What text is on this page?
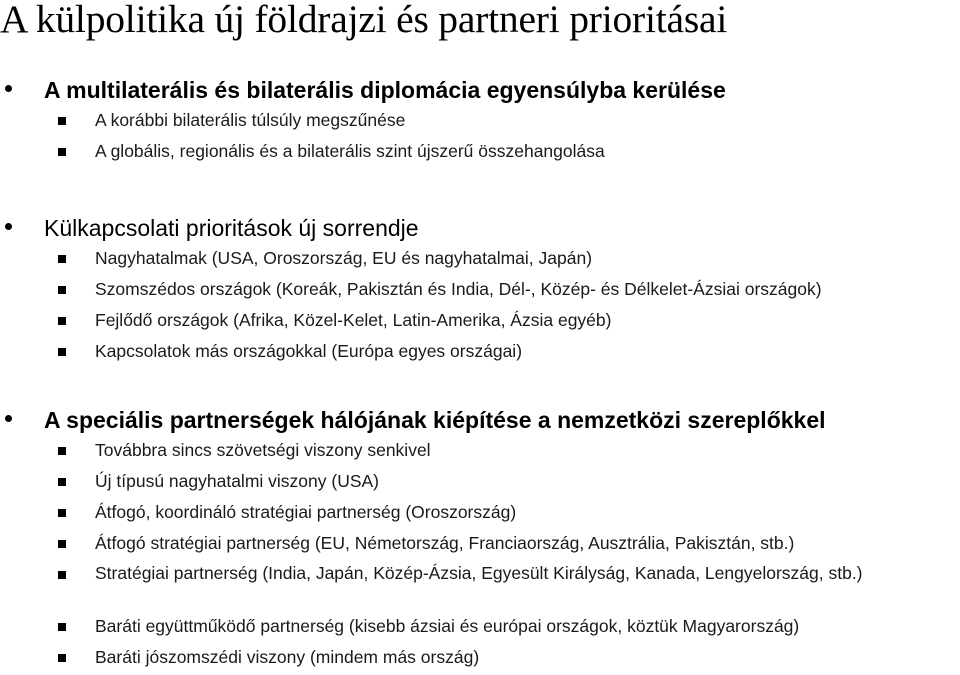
A külpolitika új földrajzi és partneri prioritásai
A multilaterális és bilaterális diplomácia egyensúlyba kerülése
A korábbi bilaterális túlsúly megszűnése
A globális, regionális és a bilaterális szint újszerű összehangolása
Külkapcsolati prioritások új sorrendje
Nagyhatalmak (USA, Oroszország, EU és nagyhatalmai, Japán)
Szomszédos országok (Koreák, Pakisztán és India, Dél-, Közép- és Délkelet-Ázsiai országok)
Fejlődő országok (Afrika, Közel-Kelet, Latin-Amerika, Ázsia egyéb)
Kapcsolatok más országokkal (Európa egyes országai)
A speciális partnerségek hálójának kiépítése a nemzetközi szereplőkkel
Továbbra sincs szövetségi viszony senkivel
Új típusú nagyhatalmi viszony (USA)
Átfogó, koordináló stratégiai partnerség (Oroszország)
Átfogó stratégiai partnerség (EU, Németország, Franciaország, Ausztrália, Pakisztán, stb.)
Stratégiai partnerség (India, Japán, Közép-Ázsia, Egyesült Királyság, Kanada, Lengyelország, stb.)
Baráti együttműködő partnerség (kisebb ázsiai és európai országok, köztük Magyarország)
Baráti jószomszédi viszony (mindem más ország)
